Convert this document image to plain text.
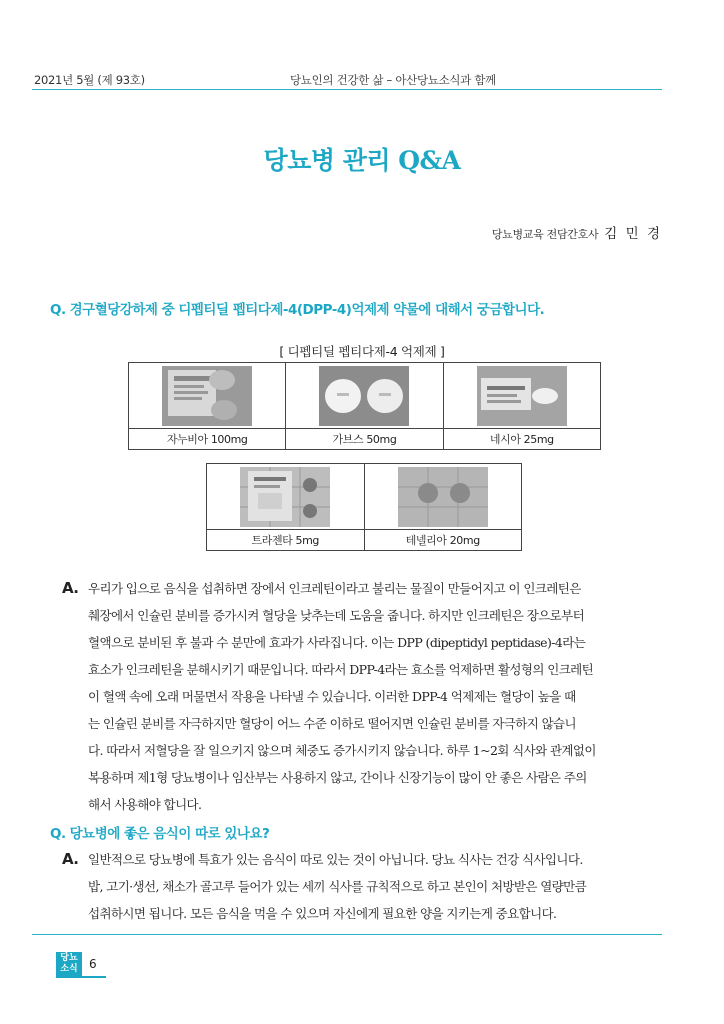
2021년 5월 (제 93호)	당뇨인의 건강한 삶 – 아산당뇨소식과 함께
당뇨병 관리 Q&A
당뇨병교육 전담간호사 김 민 경
Q. 경구혈당강하제 중 디펩티딜 펩티다제-4(DPP-4)억제제 약물에 대해서 궁금합니다.
[ 디펩티딜 펩티다제-4 억제제 ]

자누비아 100mg	가브스 50mg	네시아 25mg

트라젠타 5mg	테넬리아 20mg
A. 우리가 입으로 음식을 섭취하면 장에서 인크레틴이라고 불리는 물질이 만들어지고 이 인크레틴은
췌장에서 인슐린 분비를 증가시켜 혈당을 낮추는데 도움을 줍니다. 하지만 인크레틴은 장으로부터
혈액으로 분비된 후 불과 수 분만에 효과가 사라집니다. 이는 DPP (dipeptidyl peptidase)-4라는
효소가 인크레틴을 분해시키기 때문입니다. 따라서 DPP-4라는 효소를 억제하면 활성형의 인크레틴
이 혈액 속에 오래 머물면서 작용을 나타낼 수 있습니다. 이러한 DPP-4 억제제는 혈당이 높을 때
는 인슐린 분비를 자극하지만 혈당이 어느 수준 이하로 떨어지면 인슐린 분비를 자극하지 않습니
다. 따라서 저혈당을 잘 일으키지 않으며 체중도 증가시키지 않습니다. 하루 1~2회 식사와 관계없이
복용하며 제1형 당뇨병이나 임산부는 사용하지 않고, 간이나 신장기능이 많이 안 좋은 사람은 주의
해서 사용해야 합니다.
Q. 당뇨병에 좋은 음식이 따로 있나요?
A. 일반적으로 당뇨병에 특효가 있는 음식이 따로 있는 것이 아닙니다. 당뇨 식사는 건강 식사입니다.
밥, 고기·생선, 채소가 골고루 들어가 있는 세끼 식사를 규칙적으로 하고 본인이 처방받은 열량만큼
섭취하시면 됩니다. 모든 음식을 먹을 수 있으며 자신에게 필요한 양을 지키는게 중요합니다.
당뇨
소식 6
